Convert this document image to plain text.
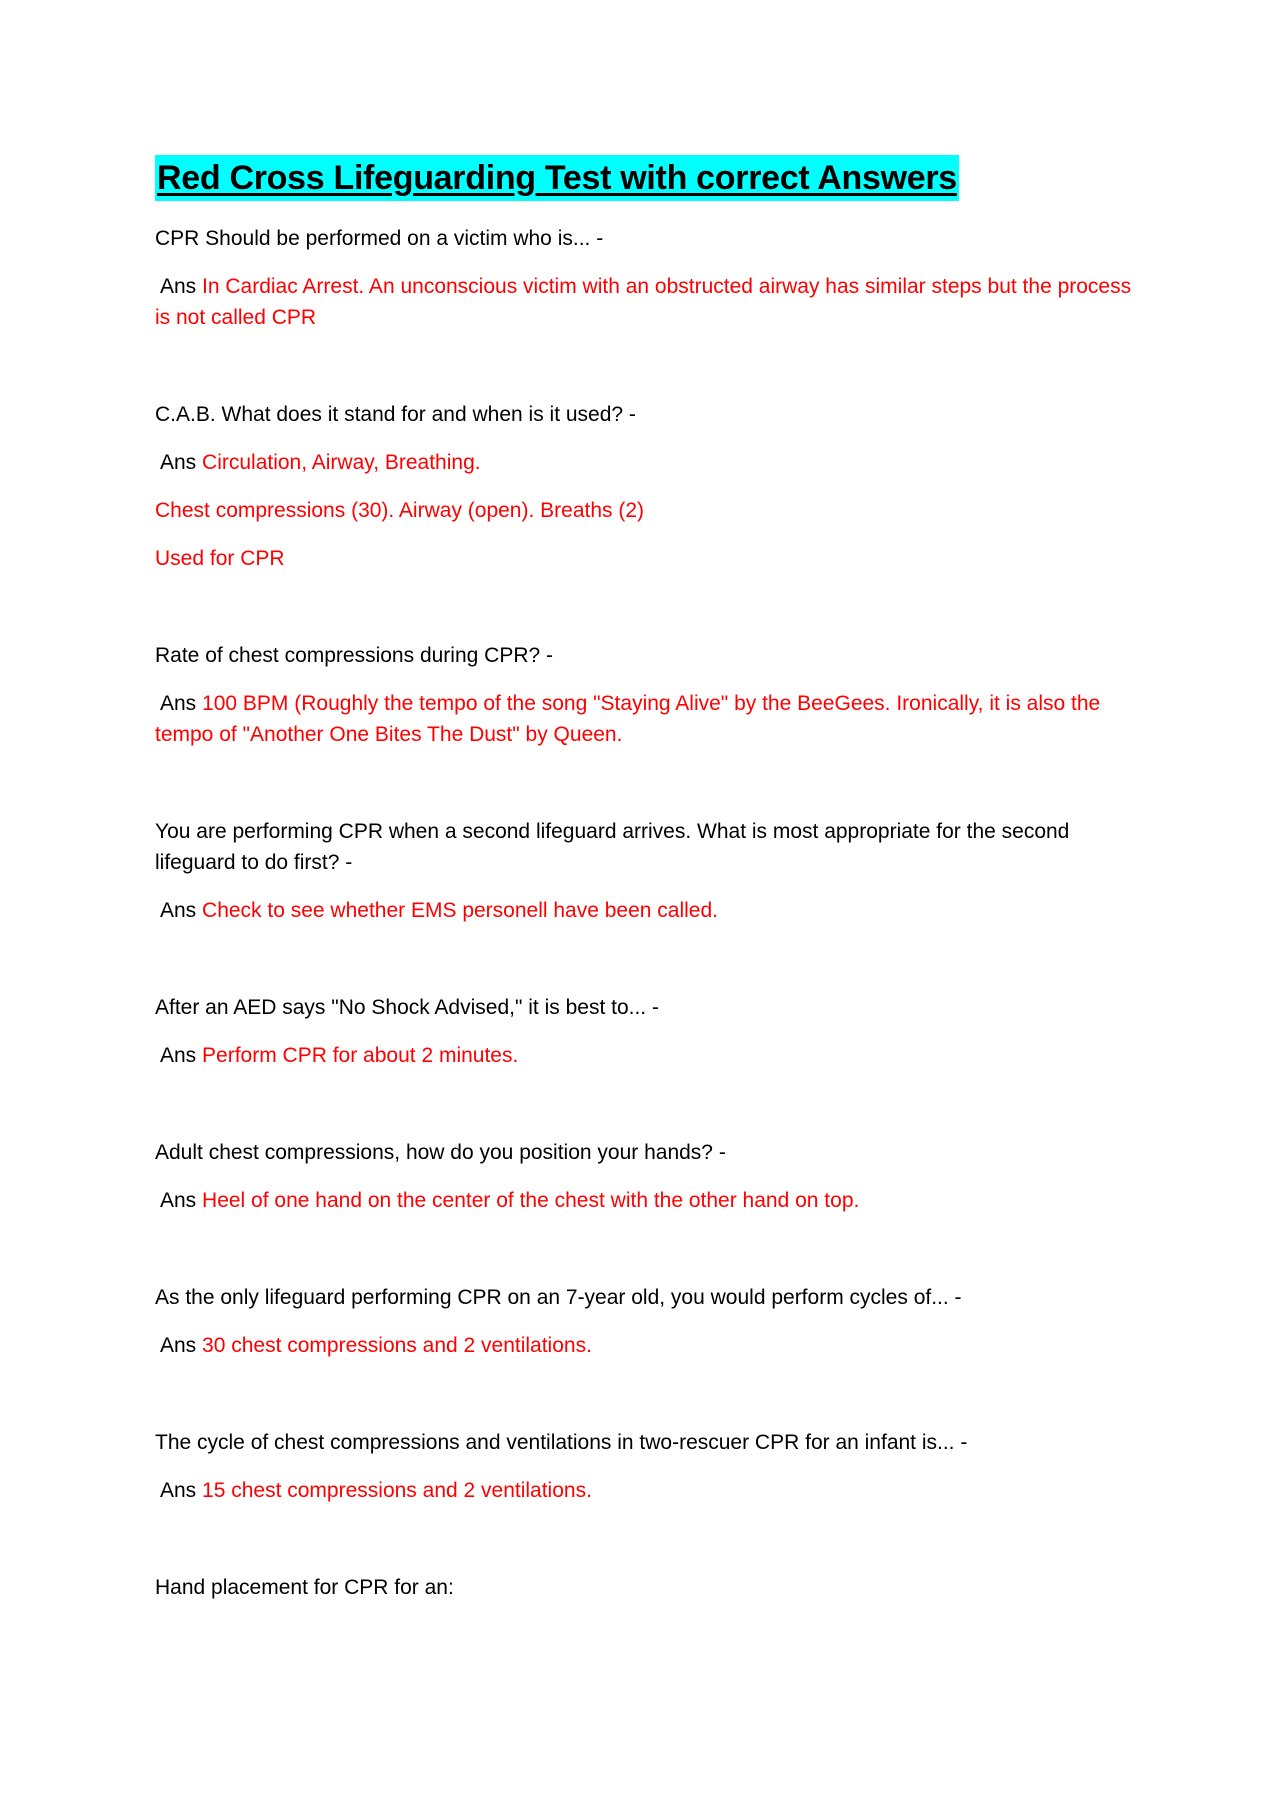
Red Cross Lifeguarding Test with correct Answers

CPR Should be performed on a victim who is... -

Ans In Cardiac Arrest. An unconscious victim with an obstructed airway has similar steps but the process is not called CPR

C.A.B. What does it stand for and when is it used? -

Ans Circulation, Airway, Breathing.

Chest compressions (30). Airway (open). Breaths (2)

Used for CPR

Rate of chest compressions during CPR? -

Ans 100 BPM (Roughly the tempo of the song "Staying Alive" by the BeeGees. Ironically, it is also the tempo of "Another One Bites The Dust" by Queen.

You are performing CPR when a second lifeguard arrives. What is most appropriate for the second lifeguard to do first? -

Ans Check to see whether EMS personell have been called.

After an AED says "No Shock Advised," it is best to... -

Ans Perform CPR for about 2 minutes.

Adult chest compressions, how do you position your hands? -

Ans Heel of one hand on the center of the chest with the other hand on top.

As the only lifeguard performing CPR on an 7-year old, you would perform cycles of... -

Ans 30 chest compressions and 2 ventilations.

The cycle of chest compressions and ventilations in two-rescuer CPR for an infant is... -

Ans 15 chest compressions and 2 ventilations.

Hand placement for CPR for an:
